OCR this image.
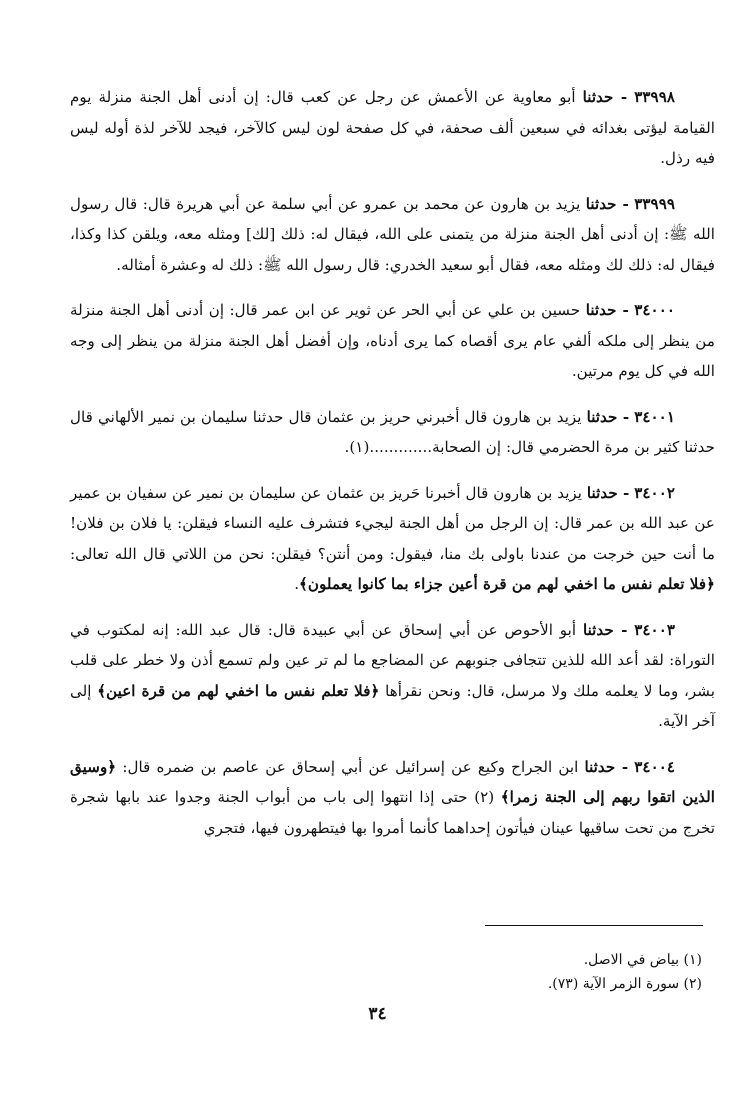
٣٣٩٩٨ - حدثنا أبو معاوية عن الأعمش عن رجل عن كعب قال: إن أدنى أهل الجنة منزلة يوم القيامة ليؤتى بغدائه في سبعين ألف صحفة، في كل صفحة لون ليس كالآخر، فيجد للآخر لذة أوله ليس فيه رذل.

٣٣٩٩٩ - حدثنا يزيد بن هارون عن محمد بن عمرو عن أبي سلمة عن أبي هريرة قال: قال رسول الله ﷺ: إن أدنى أهل الجنة منزلة من يتمنى على الله، فيقال له: ذلك [لك] ومثله معه، ويلقن كذا وكذا، فيقال له: ذلك لك ومثله معه، فقال أبو سعيد الخدري: قال رسول الله ﷺ: ذلك له وعشرة أمثاله.

٣٤٠٠٠ - حدثنا حسين بن علي عن أبي الحر عن ثوير عن ابن عمر قال: إن أدنى أهل الجنة منزلة من ينظر إلى ملكه ألفي عام يرى أقصاه كما يرى أدناه، وإن أفضل أهل الجنة منزلة من ينظر إلى وجه الله في كل يوم مرتين.

٣٤٠٠١ - حدثنا يزيد بن هارون قال أخبرني حريز بن عثمان قال حدثنا سليمان بن نمير الألهاني قال حدثنا كثير بن مرة الحضرمي قال: إن الصحابة.............(١).

٣٤٠٠٢ - حدثنا يزيد بن هارون قال أخبرنا حَريز بن عثمان عن سليمان بن نمير عن سفيان بن عمير عن عبد الله بن عمر قال: إن الرجل من أهل الجنة ليجيء فتشرف عليه النساء فيقلن: يا فلان بن فلان! ما أنت حين خرجت من عندنا باولى بك منا، فيقول: ومن أنتن؟ فيقلن: نحن من اللاتي قال الله تعالى: ﴿فلا تعلم نفس ما اخفي لهم من قرة أعين جزاء بما كانوا يعملون﴾.

٣٤٠٠٣ - حدثنا أبو الأحوص عن أبي إسحاق عن أبي عبيدة قال: قال عبد الله: إنه لمكتوب في التوراة: لقد أعد الله للذين تتجافى جنوبهم عن المضاجع ما لم تر عين ولم تسمع أذن ولا خطر على قلب بشر، وما لا يعلمه ملك ولا مرسل، قال: ونحن نقرأها ﴿فلا تعلم نفس ما اخفي لهم من قرة اعين﴾ إلى آخر الآية.

٣٤٠٠٤ - حدثنا ابن الجراح وكيع عن إسرائيل عن أبي إسحاق عن عاصم بن ضمره قال: ﴿وسيق الذين اتقوا ربهم إلى الجنة زمرا﴾ (٢) حتى إذا انتهوا إلى باب من أبواب الجنة وجدوا عند بابها شجرة تخرج من تحت ساقيها عينان فيأتون إحداهما كأنما أمروا بها فيتطهرون فيها، فتجري

(١) بياض في الاصل.

(٢) سورة الزمر الآية (٧٣).

٣٤
